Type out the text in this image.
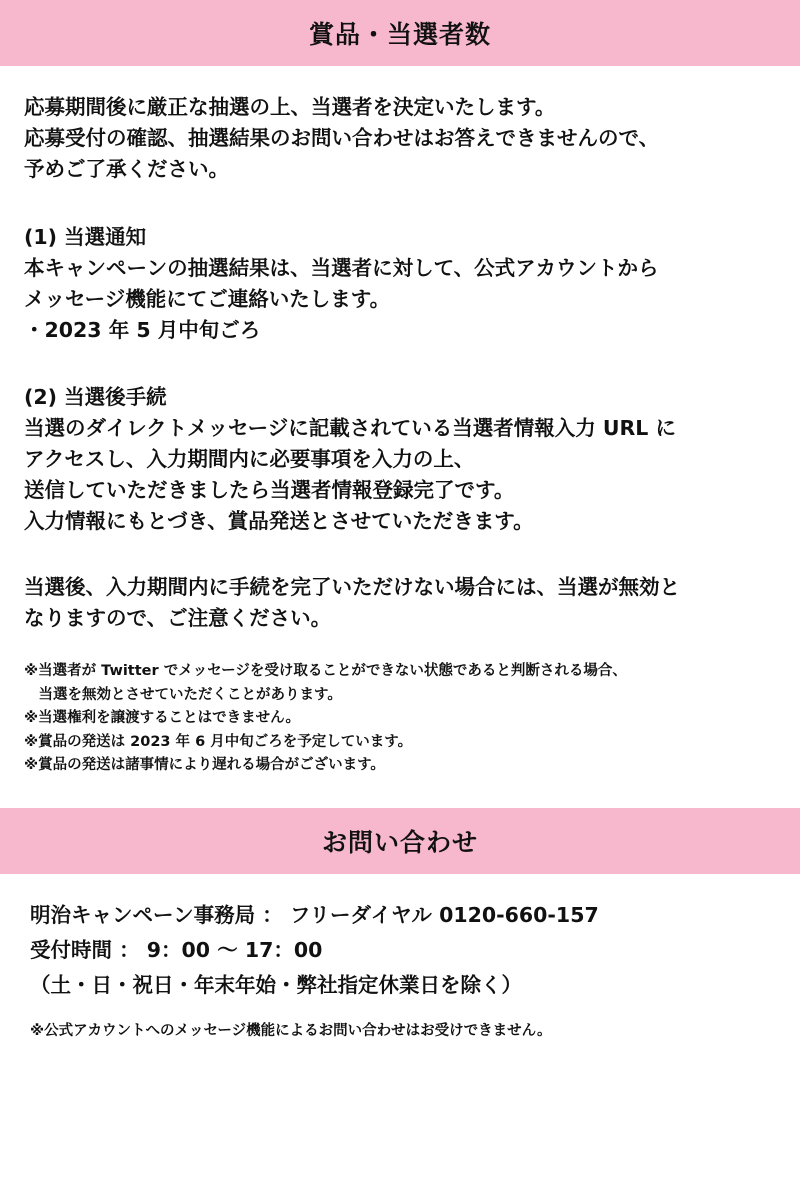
賞品・当選者数
応募期間後に厳正な抽選の上、当選者を決定いたします。
応募受付の確認、抽選結果のお問い合わせはお答えできませんので、
予めご了承ください。
(1) 当選通知
本キャンペーンの抽選結果は、当選者に対して、公式アカウントから
メッセージ機能にてご連絡いたします。
・2023 年 5 月中旬ごろ
(2) 当選後手続
当選のダイレクトメッセージに記載されている当選者情報入力 URL に
アクセスし、入力期間内に必要事項を入力の上、
送信していただきましたら当選者情報登録完了です。
入力情報にもとづき、賞品発送とさせていただきます。
当選後、入力期間内に手続を完了いただけない場合には、当選が無効と
なりますので、ご注意ください。
※当選者が Twitter でメッセージを受け取ることができない状態であると判断される場合、
　当選を無効とさせていただくことがあります。
※当選権利を譲渡することはできません。
※賞品の発送は 2023 年 6 月中旬ごろを予定しています。
※賞品の発送は諸事情により遅れる場合がございます。
お問い合わせ
明治キャンペーン事務局 ： フリーダイヤル 0120-660-157
受付時間 ： 9：00 ～ 17：00
（土・日・祝日・年末年始・弊社指定休業日を除く）
※公式アカウントへのメッセージ機能によるお問い合わせはお受けできません。
